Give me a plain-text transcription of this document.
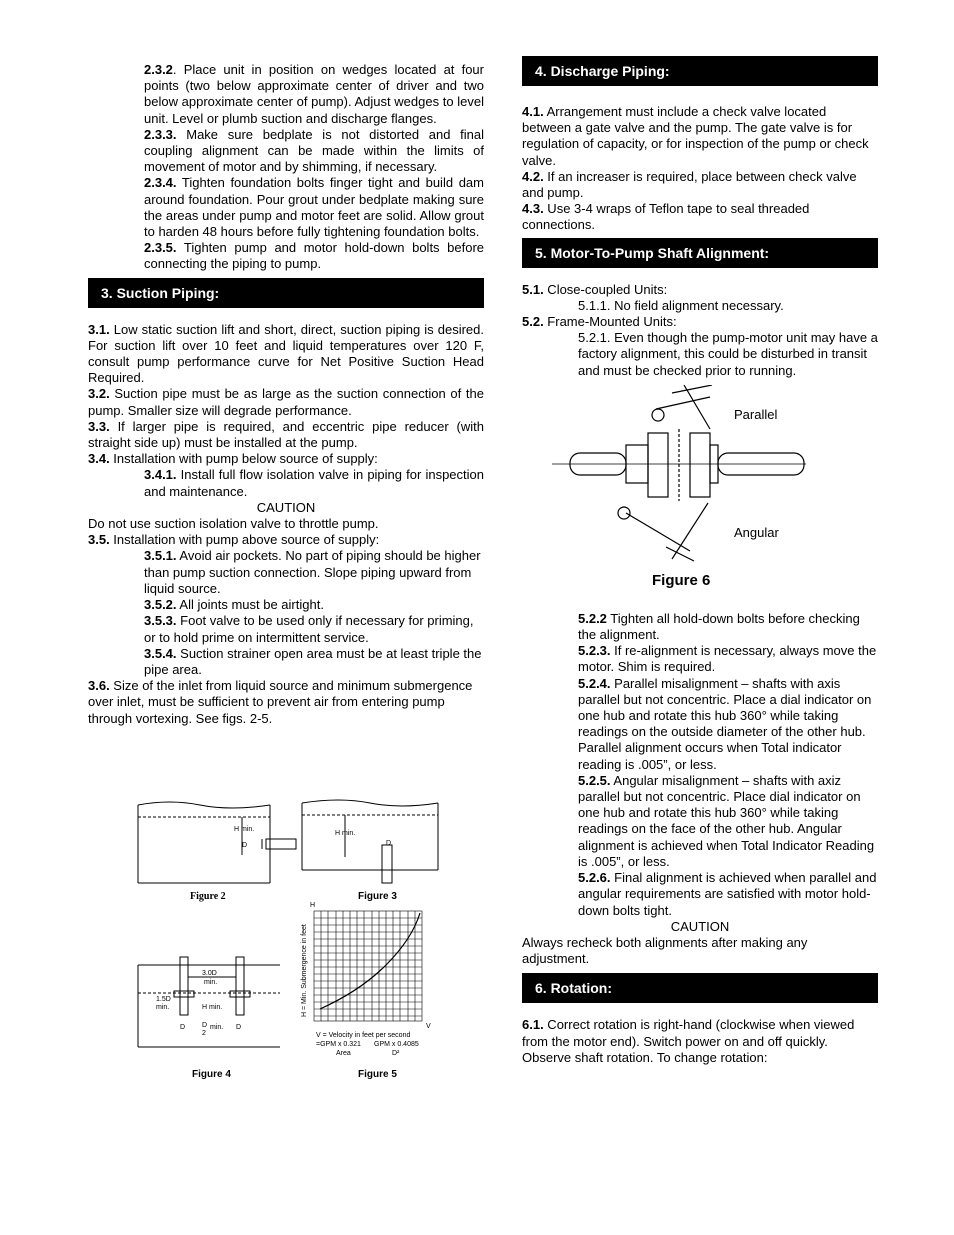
2.3.2. Place unit in position on wedges located at four points (two below approximate center of driver and two below approximate center of pump). Adjust wedges to level unit. Level or plumb suction and discharge flanges.

2.3.3. Make sure bedplate is not distorted and final coupling alignment can be made within the limits of movement of motor and by shimming, if necessary.

2.3.4. Tighten foundation bolts finger tight and build dam around foundation. Pour grout under bedplate making sure the areas under pump and motor feet are solid. Allow grout to harden 48 hours before fully tightening foundation bolts.

2.3.5. Tighten pump and motor hold-down bolts before connecting the piping to pump.

3. Suction Piping:

3.1. Low static suction lift and short, direct, suction piping is desired. For suction lift over 10 feet and liquid temperatures over 120 F, consult pump performance curve for Net Positive Suction Head Required.

3.2. Suction pipe must be as large as the suction connection of the pump. Smaller size will degrade performance.

3.3. If larger pipe is required, and eccentric pipe reducer (with straight side up) must be installed at the pump.

3.4. Installation with pump below source of supply:

3.4.1. Install full flow isolation valve in piping for inspection and maintenance.

CAUTION

Do not use suction isolation valve to throttle pump.

3.5. Installation with pump above source of supply:

3.5.1. Avoid air pockets. No part of piping should be higher than pump suction connection. Slope piping upward from liquid source.

3.5.2. All joints must be airtight.

3.5.3. Foot valve to be used only if necessary for priming, or to hold prime on intermittent service.

3.5.4. Suction strainer open area must be at least triple the pipe area.

3.6. Size of the inlet from liquid source and minimum submergence over inlet, must be sufficient to prevent air from entering pump through vortexing. See figs. 2-5.

H min.
D
Figure 2
H min.
D
Figure 3
3.0D
min.
1.5D
min.	H min.
D	D
D min.
2
Figure 4
H = Min. Submergence in feet
H
V
V = Velocity in feet per second
=GPM x 0.321
Area
GPM x 0.4085
D²
Figure 5
4. Discharge Piping:

4.1. Arrangement must include a check valve located between a gate valve and the pump. The gate valve is for regulation of capacity, or for inspection of the pump or check valve.

4.2. If an increaser is required, place between check valve and pump.

4.3. Use 3-4 wraps of Teflon tape to seal threaded connections.

5. Motor-To-Pump Shaft Alignment:

5.1. Close-coupled Units:

5.1.1. No field alignment necessary.

5.2. Frame-Mounted Units:

5.2.1. Even though the pump-motor unit may have a factory alignment, this could be disturbed in transit and must be checked prior to running.

Parallel
Angular
Figure 6

5.2.2 Tighten all hold-down bolts before checking the alignment.

5.2.3. If re-alignment is necessary, always move the motor. Shim is required.

5.2.4. Parallel misalignment – shafts with axis parallel but not concentric. Place a dial indicator on one hub and rotate this hub 360° while taking readings on the outside diameter of the other hub. Parallel alignment occurs when Total indicator reading is .005”, or less.

5.2.5. Angular misalignment – shafts with axiz parallel but not concentric. Place dial indicator on one hub and rotate this hub 360° while taking readings on the face of the other hub. Angular alignment is achieved when Total Indicator Reading is .005”, or less.

5.2.6. Final alignment is achieved when parallel and angular requirements are satisfied with motor hold-down bolts tight.

CAUTION

Always recheck both alignments after making any adjustment.

6. Rotation:

6.1. Correct rotation is right-hand (clockwise when viewed from the motor end). Switch power on and off quickly. Observe shaft rotation. To change rotation:
